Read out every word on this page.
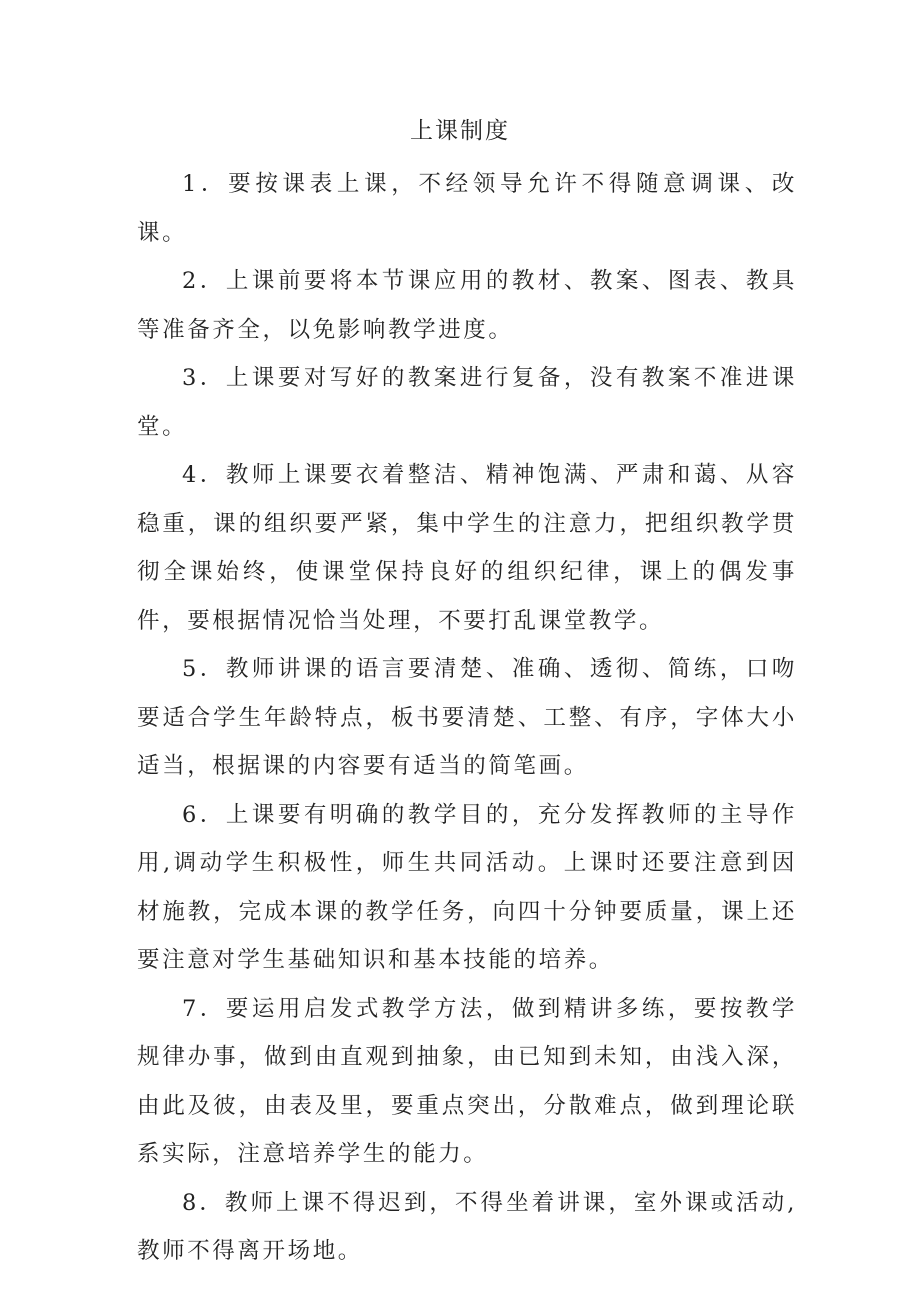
上课制度

1．要按课表上课，不经领导允许不得随意调课、改课。

2．上课前要将本节课应用的教材、教案、图表、教具等准备齐全，以免影响教学进度。

3．上课要对写好的教案进行复备，没有教案不准进课堂。

4．教师上课要衣着整洁、精神饱满、严肃和蔼、从容稳重，课的组织要严紧，集中学生的注意力，把组织教学贯彻全课始终，使课堂保持良好的组织纪律，课上的偶发事件，要根据情况恰当处理，不要打乱课堂教学。

5．教师讲课的语言要清楚、准确、透彻、简练，口吻要适合学生年龄特点，板书要清楚、工整、有序，字体大小适当，根据课的内容要有适当的简笔画。

6．上课要有明确的教学目的，充分发挥教师的主导作用,调动学生积极性，师生共同活动。上课时还要注意到因材施教，完成本课的教学任务，向四十分钟要质量，课上还要注意对学生基础知识和基本技能的培养。

7．要运用启发式教学方法，做到精讲多练，要按教学规律办事，做到由直观到抽象，由已知到未知，由浅入深，由此及彼，由表及里，要重点突出，分散难点，做到理论联系实际，注意培养学生的能力。

8．教师上课不得迟到，不得坐着讲课，室外课或活动,教师不得离开场地。
